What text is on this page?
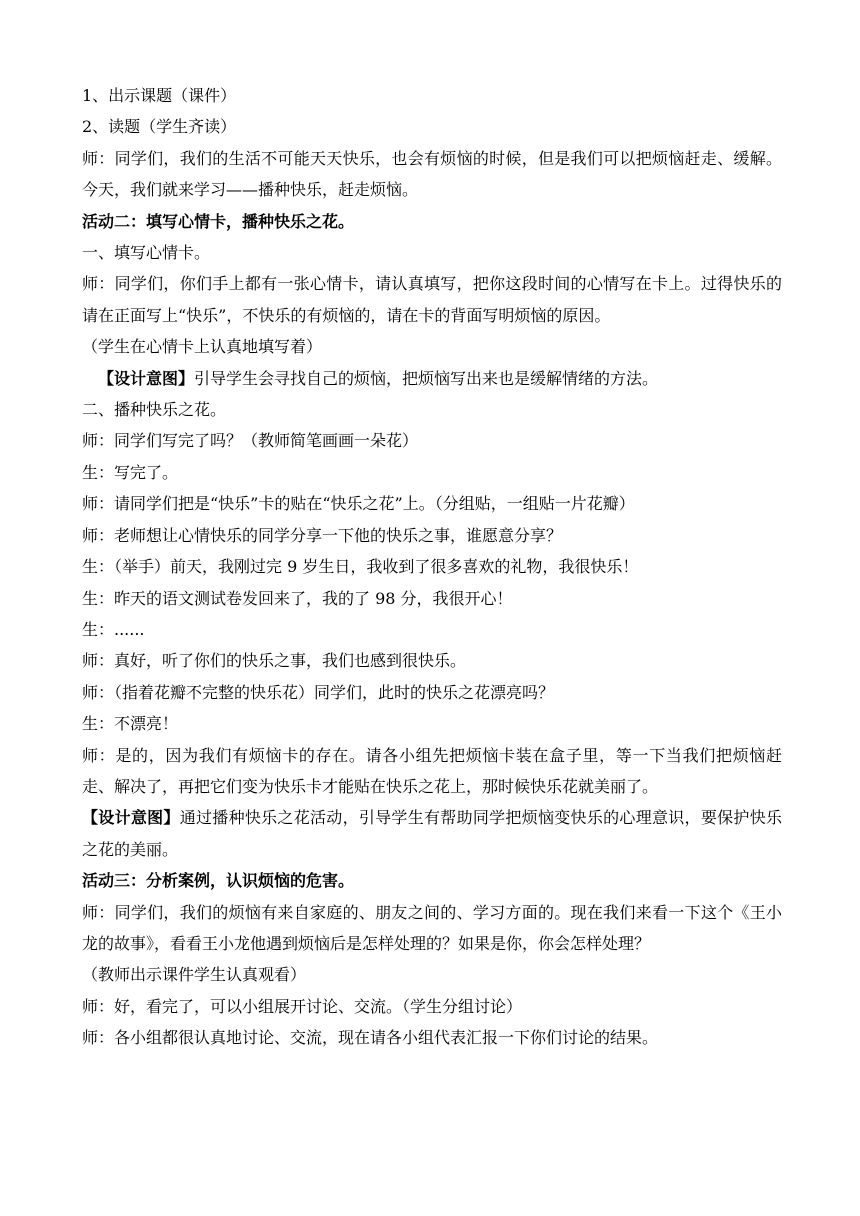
1、出示课题（课件）

2、读题（学生齐读）

师：同学们，我们的生活不可能天天快乐，也会有烦恼的时候，但是我们可以把烦恼赶走、缓解。今天，我们就来学习——播种快乐，赶走烦恼。

活动二：填写心情卡，播种快乐之花。

一、填写心情卡。

师：同学们，你们手上都有一张心情卡，请认真填写，把你这段时间的心情写在卡上。过得快乐的请在正面写上“快乐”，不快乐的有烦恼的，请在卡的背面写明烦恼的原因。

（学生在心情卡上认真地填写着）

【设计意图】引导学生会寻找自己的烦恼，把烦恼写出来也是缓解情绪的方法。

二、播种快乐之花。

师：同学们写完了吗？（教师简笔画画一朵花）

生：写完了。

师：请同学们把是“快乐”卡的贴在“快乐之花”上。（分组贴，一组贴一片花瓣）

师：老师想让心情快乐的同学分享一下他的快乐之事，谁愿意分享？

生：（举手）前天，我刚过完 9 岁生日，我收到了很多喜欢的礼物，我很快乐！

生：昨天的语文测试卷发回来了，我的了 98 分，我很开心！

生：......

师：真好，听了你们的快乐之事，我们也感到很快乐。

师：（指着花瓣不完整的快乐花）同学们，此时的快乐之花漂亮吗？

生：不漂亮！

师：是的，因为我们有烦恼卡的存在。请各小组先把烦恼卡装在盒子里，等一下当我们把烦恼赶走、解决了，再把它们变为快乐卡才能贴在快乐之花上，那时候快乐花就美丽了。

【设计意图】通过播种快乐之花活动，引导学生有帮助同学把烦恼变快乐的心理意识，要保护快乐之花的美丽。

活动三：分析案例，认识烦恼的危害。

师：同学们，我们的烦恼有来自家庭的、朋友之间的、学习方面的。现在我们来看一下这个《王小龙的故事》，看看王小龙他遇到烦恼后是怎样处理的？如果是你，你会怎样处理？

（教师出示课件学生认真观看）

师：好，看完了，可以小组展开讨论、交流。（学生分组讨论）

师：各小组都很认真地讨论、交流，现在请各小组代表汇报一下你们讨论的结果。
